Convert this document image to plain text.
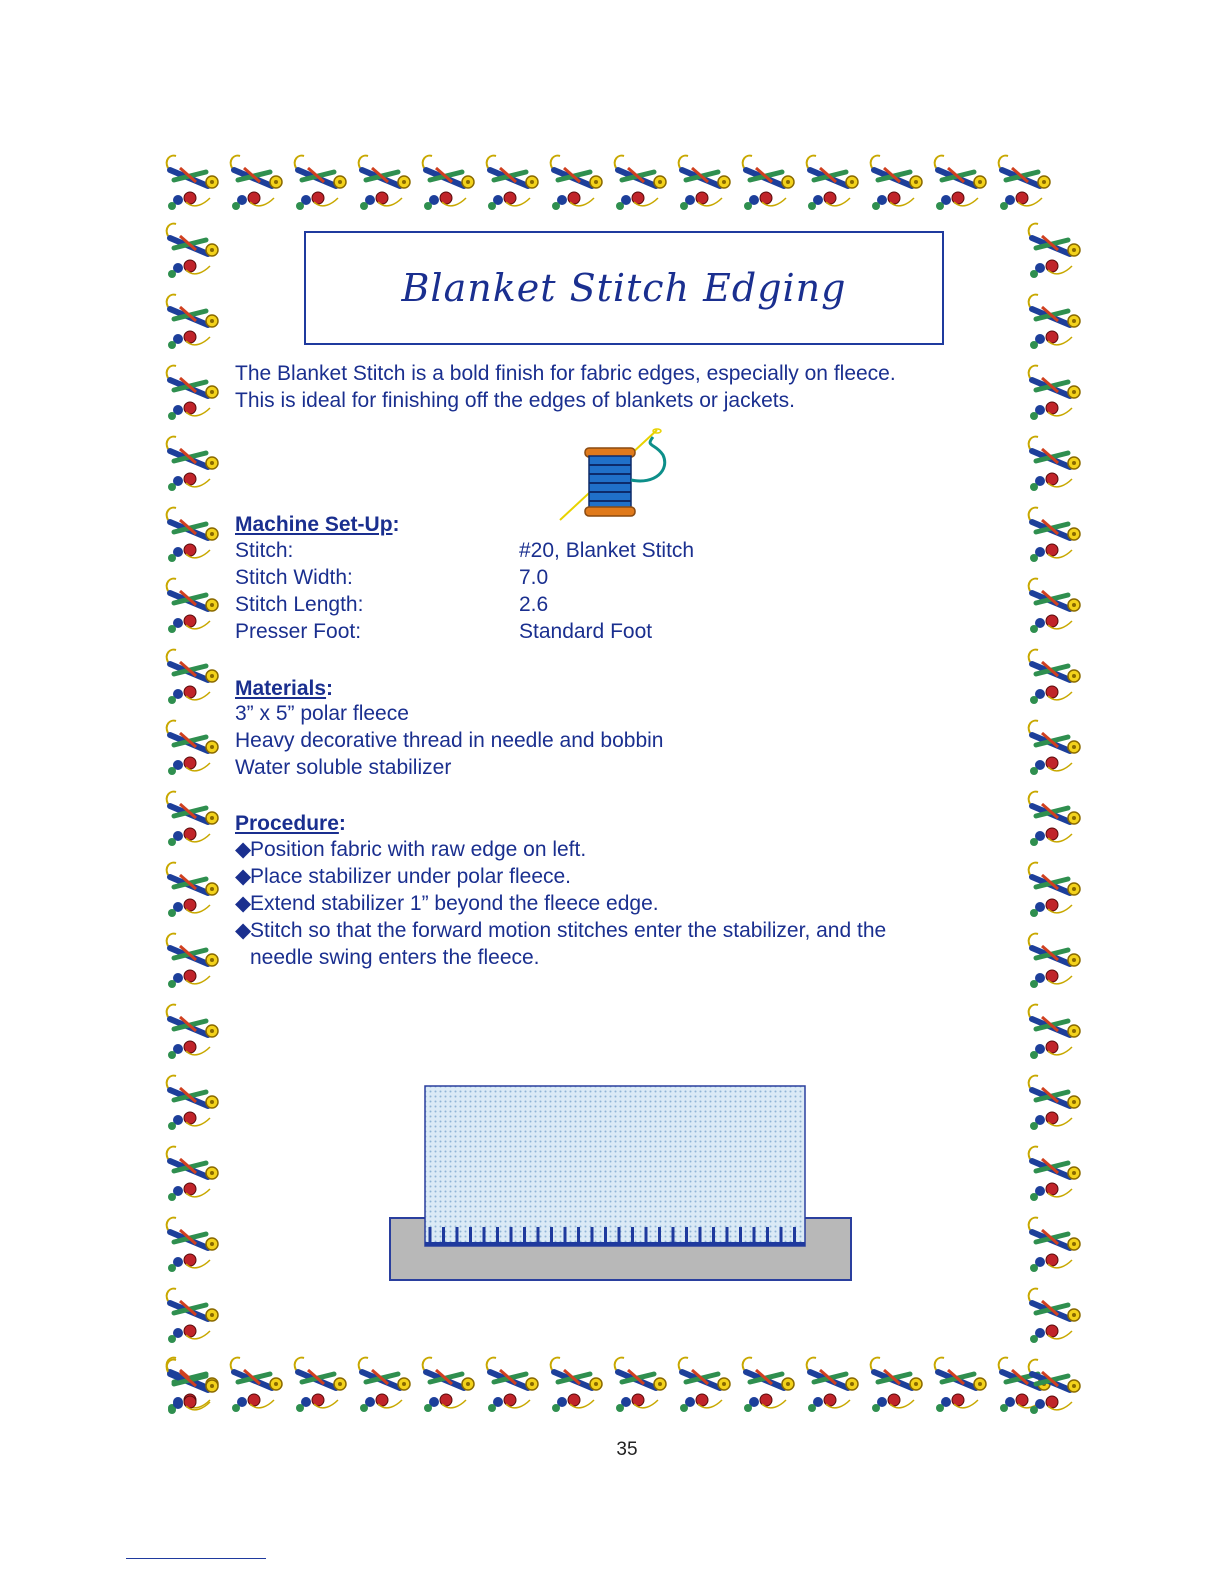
Blanket Stitch Edging
The Blanket Stitch is a bold finish for fabric edges, especially on fleece.
This is ideal for finishing off the edges of blankets or jackets.
Machine Set-Up:
Stitch:	#20, Blanket Stitch
Stitch Width:	7.0
Stitch Length:	2.6
Presser Foot:	Standard Foot
Materials:
3” x 5” polar fleece
Heavy decorative thread in needle and bobbin
Water soluble stabilizer
Procedure:
◆Position fabric with raw edge on left.
◆Place stabilizer under polar fleece.
◆Extend stabilizer 1” beyond the fleece edge.
◆Stitch so that the forward motion stitches enter the stabilizer, and the
needle swing enters the fleece.
35
